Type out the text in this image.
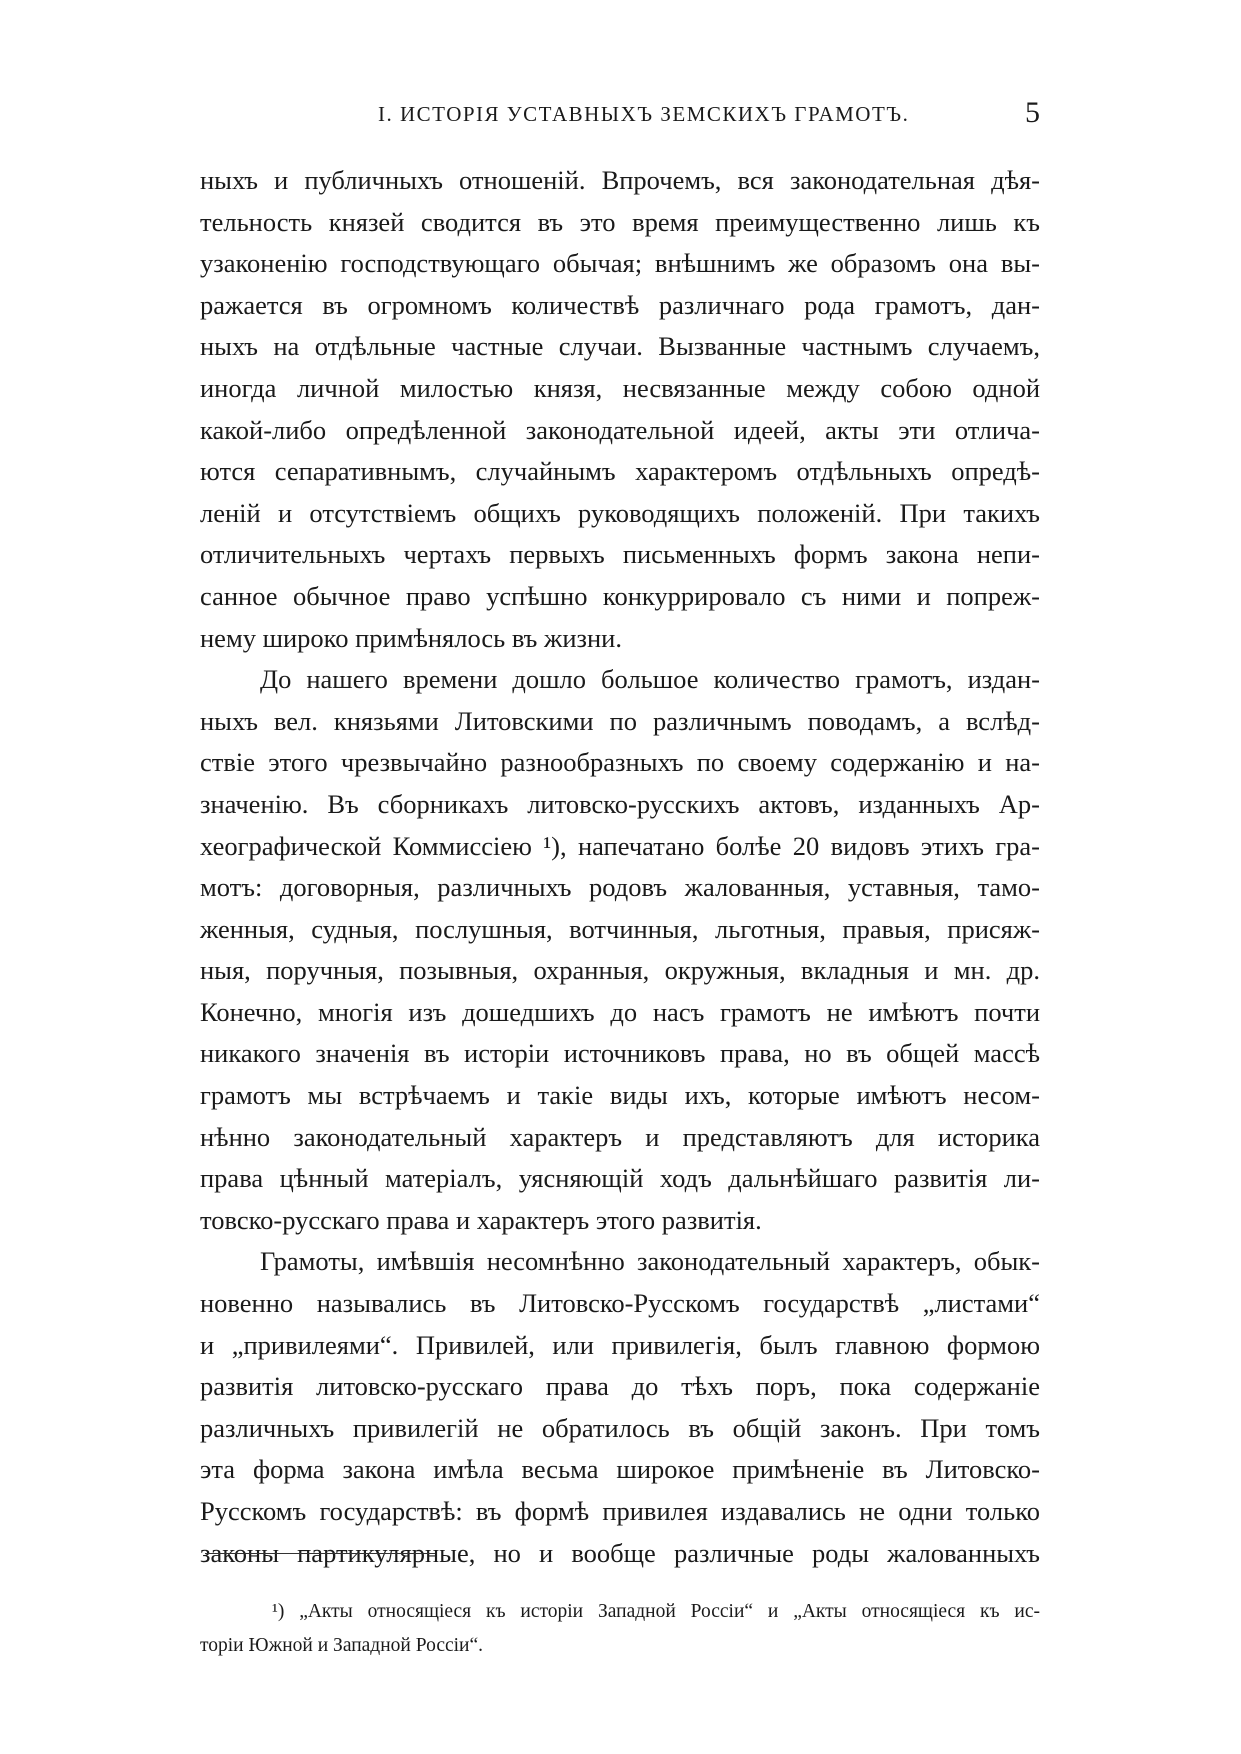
I. ИСТОРІЯ УСТАВНЫХЪ ЗЕМСКИХЪ ГРАМОТЪ.	5
ныхъ и публичныхъ отношеній. Впрочемъ, вся законодательная дѣя-
тельность князей сводится въ это время преимущественно лишь къ
узаконенію господствующаго обычая; внѣшнимъ же образомъ она вы-
ражается въ огромномъ количествѣ различнаго рода грамотъ, дан-
ныхъ на отдѣльные частные случаи. Вызванные частнымъ случаемъ,
иногда личной милостью князя, несвязанные между собою одной
какой-либо опредѣленной законодательной идеей, акты эти отлича-
ются сепаративнымъ, случайнымъ характеромъ отдѣльныхъ опредѣ-
леній и отсутствіемъ общихъ руководящихъ положеній. При такихъ
отличительныхъ чертахъ первыхъ письменныхъ формъ закона непи-
санное обычное право успѣшно конкуррировало съ ними и попреж-
нему широко примѣнялось въ жизни.
До нашего времени дошло большое количество грамотъ, издан-
ныхъ вел. князьями Литовскими по различнымъ поводамъ, а вслѣд-
ствіе этого чрезвычайно разнообразныхъ по своему содержанію и на-
значенію. Въ сборникахъ литовско-русскихъ актовъ, изданныхъ Ар-
хеографической Коммиссіею ¹), напечатано болѣе 20 видовъ этихъ гра-
мотъ: договорныя, различныхъ родовъ жалованныя, уставныя, тамо-
женныя, судныя, послушныя, вотчинныя, льготныя, правыя, присяж-
ныя, поручныя, позывныя, охранныя, окружныя, вкладныя и мн. др.
Конечно, многія изъ дошедшихъ до насъ грамотъ не имѣютъ почти
никакого значенія въ исторіи источниковъ права, но въ общей массѣ
грамотъ мы встрѣчаемъ и такіе виды ихъ, которые имѣютъ несом-
нѣнно законодательный характеръ и представляютъ для историка
права цѣнный матеріалъ, уясняющій ходъ дальнѣйшаго развитія ли-
товско-русскаго права и характеръ этого развитія.
Грамоты, имѣвшія несомнѣнно законодательный характеръ, обык-
новенно назывались въ Литовско-Русскомъ государствѣ „листами“
и „привилеями“. Привилей, или привилегія, былъ главною формою
развитія литовско-русскаго права до тѣхъ поръ, пока содержаніе
различныхъ привилегій не обратилось въ общій законъ. При томъ
эта форма закона имѣла весьма широкое примѣненіе въ Литовско-
Русскомъ государствѣ: въ формѣ привилея издавались не одни только
законы партикулярные, но и вообще различные роды жалованныхъ
¹) „Акты относящіеся къ исторіи Западной Россіи“ и „Акты относящіеся къ ис-
торіи Южной и Западной Россіи“.
